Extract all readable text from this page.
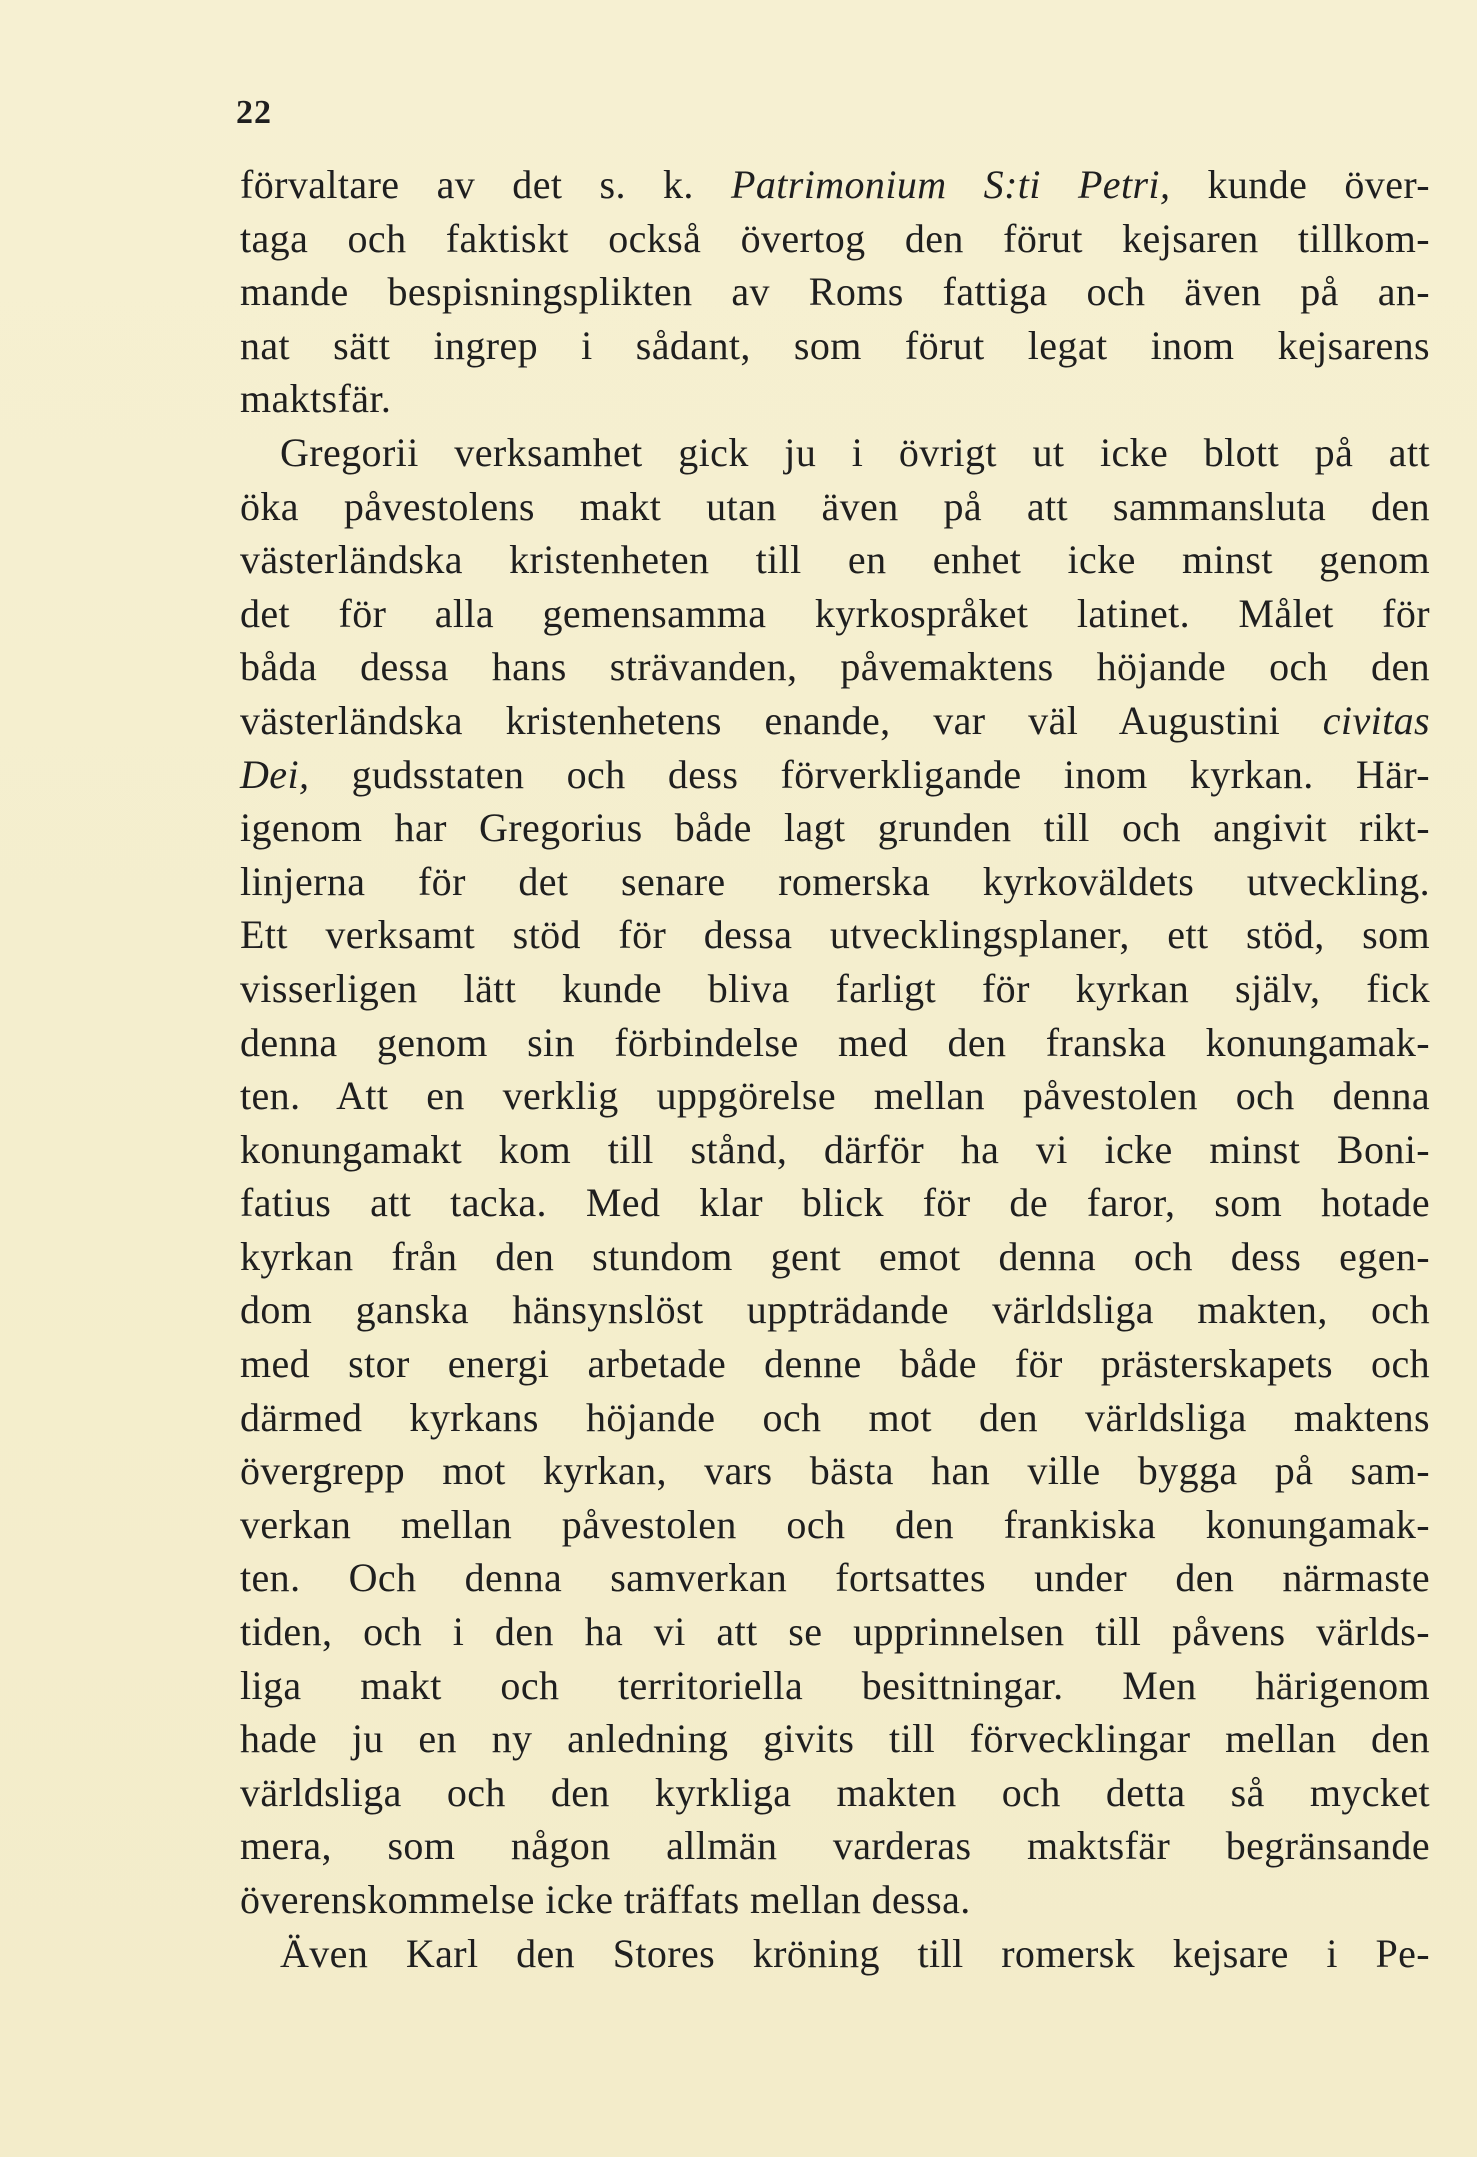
22
förvaltare av det s. k. Patrimonium S:ti Petri, kunde över-
taga och faktiskt också övertog den förut kejsaren tillkom-
mande bespisningsplikten av Roms fattiga och även på an-
nat sätt ingrep i sådant, som förut legat inom kejsarens
maktsfär.
Gregorii verksamhet gick ju i övrigt ut icke blott på att
öka påvestolens makt utan även på att sammansluta den
västerländska kristenheten till en enhet icke minst genom
det för alla gemensamma kyrkospråket latinet. Målet för
båda dessa hans strävanden, påvemaktens höjande och den
västerländska kristenhetens enande, var väl Augustini civitas
Dei, gudsstaten och dess förverkligande inom kyrkan. Här-
igenom har Gregorius både lagt grunden till och angivit rikt-
linjerna för det senare romerska kyrkoväldets utveckling.
Ett verksamt stöd för dessa utvecklingsplaner, ett stöd, som
visserligen lätt kunde bliva farligt för kyrkan själv, fick
denna genom sin förbindelse med den franska konungamak-
ten. Att en verklig uppgörelse mellan påvestolen och denna
konungamakt kom till stånd, därför ha vi icke minst Boni-
fatius att tacka. Med klar blick för de faror, som hotade
kyrkan från den stundom gent emot denna och dess egen-
dom ganska hänsynslöst uppträdande världsliga makten, och
med stor energi arbetade denne både för prästerskapets och
därmed kyrkans höjande och mot den världsliga maktens
övergrepp mot kyrkan, vars bästa han ville bygga på sam-
verkan mellan påvestolen och den frankiska konungamak-
ten. Och denna samverkan fortsattes under den närmaste
tiden, och i den ha vi att se upprinnelsen till påvens världs-
liga makt och territoriella besittningar. Men härigenom
hade ju en ny anledning givits till förvecklingar mellan den
världsliga och den kyrkliga makten och detta så mycket
mera, som någon allmän varderas maktsfär begränsande
överenskommelse icke träffats mellan dessa.
Även Karl den Stores kröning till romersk kejsare i Pe-
